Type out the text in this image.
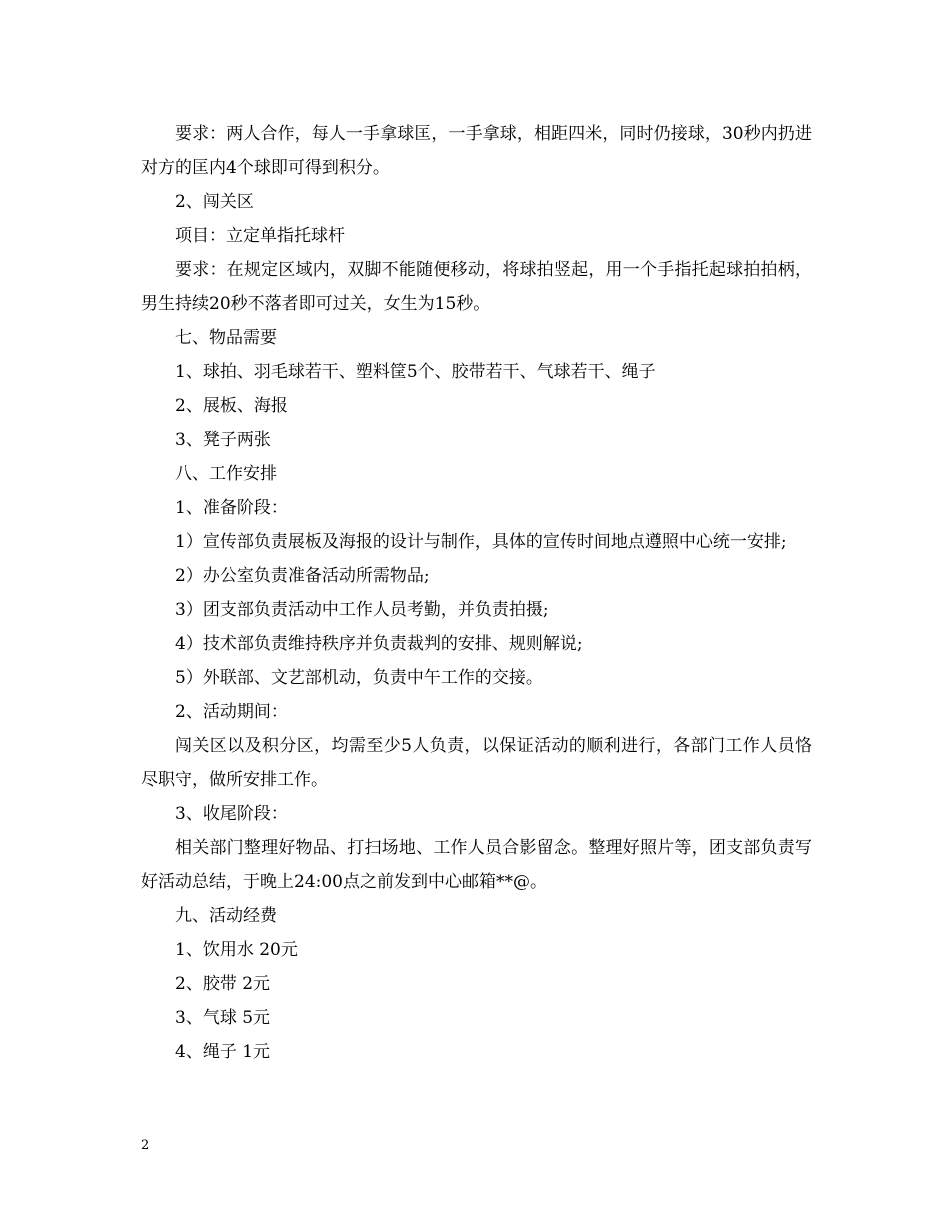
要求：两人合作，每人一手拿球匡，一手拿球，相距四米，同时仍接球，30秒内扔进对方的匡内4个球即可得到积分。

2、闯关区

项目：立定单指托球杆

要求：在规定区域内，双脚不能随便移动，将球拍竖起，用一个手指托起球拍拍柄，男生持续20秒不落者即可过关，女生为15秒。

七、物品需要

1、球拍、羽毛球若干、塑料筐5个、胶带若干、气球若干、绳子

2、展板、海报

3、凳子两张

八、工作安排

1、准备阶段：

1）宣传部负责展板及海报的设计与制作，具体的宣传时间地点遵照中心统一安排;

2）办公室负责准备活动所需物品;

3）团支部负责活动中工作人员考勤，并负责拍摄;

4）技术部负责维持秩序并负责裁判的安排、规则解说;

5）外联部、文艺部机动，负责中午工作的交接。

2、活动期间：

闯关区以及积分区，均需至少5人负责，以保证活动的顺利进行，各部门工作人员恪尽职守，做所安排工作。

3、收尾阶段：

相关部门整理好物品、打扫场地、工作人员合影留念。整理好照片等，团支部负责写好活动总结，于晚上24:00点之前发到中心邮箱**@。

九、活动经费

1、饮用水 20元

2、胶带 2元

3、气球 5元

4、绳子 1元

2
